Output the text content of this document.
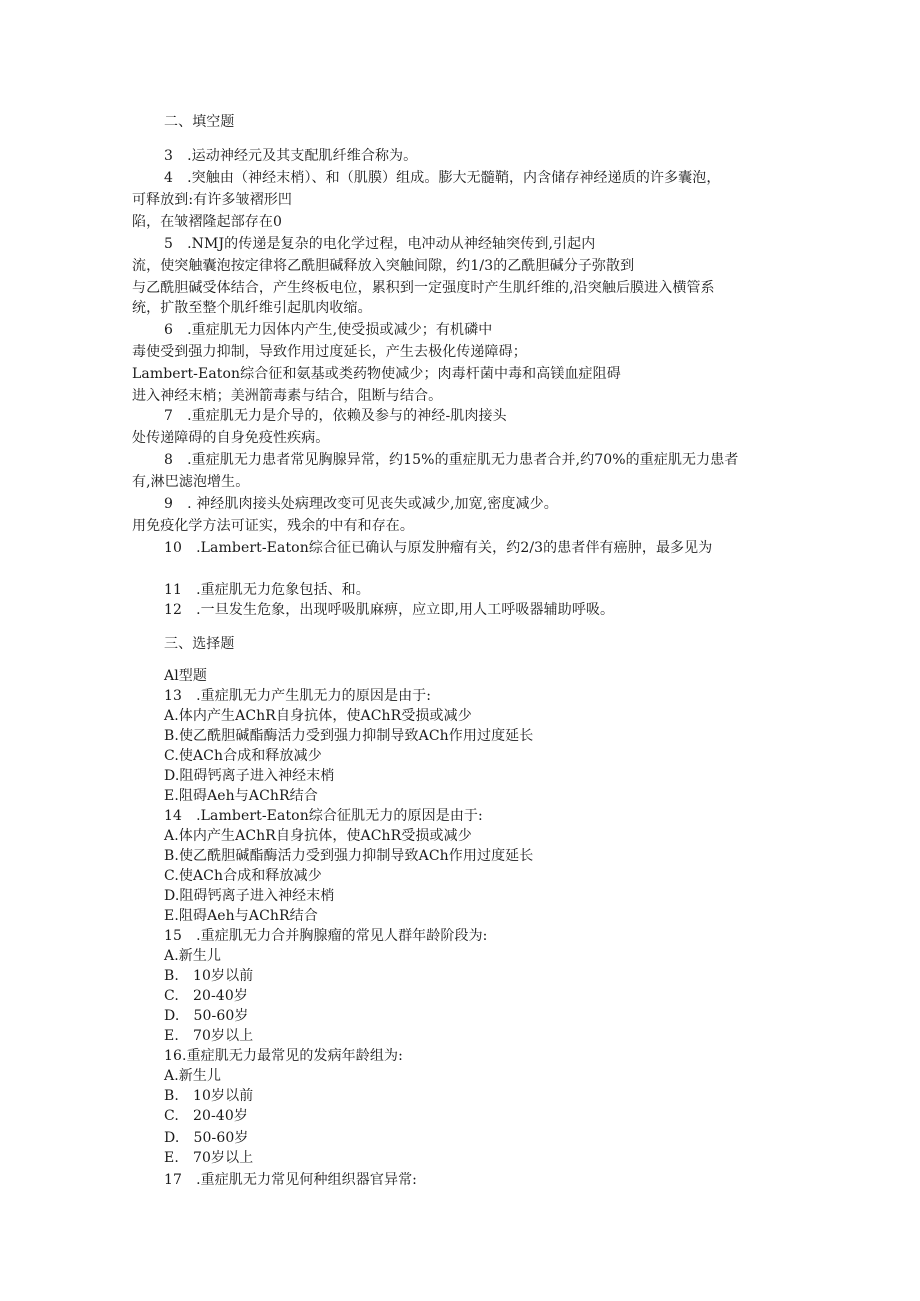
二、填空题
3　.运动神经元及其支配肌纤维合称为。
4　.突触由（神经末梢）、和（肌膜）组成。膨大无髓鞘，内含储存神经递质的许多囊泡，
可释放到:有许多皱褶形凹
陷，在皱褶隆起部存在0
5　.NMJ的传递是复杂的电化学过程，电冲动从神经轴突传到,引起内
流，使突触囊泡按定律将乙酰胆碱释放入突触间隙，约1/3的乙酰胆碱分子弥散到
与乙酰胆碱受体结合，产生终板电位，累积到一定强度时产生肌纤维的,沿突触后膜进入横管系
统，扩散至整个肌纤维引起肌肉收缩。
6　.重症肌无力因体内产生,使受损或减少；有机磷中
毒使受到强力抑制，导致作用过度延长，产生去极化传递障碍；
Lambert-Eaton综合征和氨基或类药物使减少；肉毒杆菌中毒和高镁血症阻碍
进入神经末梢；美洲箭毒素与结合，阻断与结合。
7　.重症肌无力是介导的，依赖及参与的神经-肌肉接头
处传递障碍的自身免疫性疾病。
8　.重症肌无力患者常见胸腺异常，约15%的重症肌无力患者合并,约70%的重症肌无力患者
有,淋巴滤泡增生。
9　. 神经肌肉接头处病理改变可见丧失或减少,加宽,密度减少。
用免疫化学方法可证实，残余的中有和存在。
10　.Lambert-Eaton综合征已确认与原发肿瘤有关，约2/3的患者伴有癌肿，最多见为
11　.重症肌无力危象包括、和。
12　.一旦发生危象，出现呼吸肌麻痹，应立即,用人工呼吸器辅助呼吸。
三、选择题
Al型题
13　.重症肌无力产生肌无力的原因是由于:
A.体内产生AChR自身抗体，使AChR受损或减少
B.使乙酰胆碱酯酶活力受到强力抑制导致ACh作用过度延长
C.使ACh合成和释放减少
D.阻碍钙离子进入神经末梢
E.阻碍Aeh与AChR结合
14　.Lambert-Eaton综合征肌无力的原因是由于:
A.体内产生AChR自身抗体，使AChR受损或减少
B.使乙酰胆碱酯酶活力受到强力抑制导致ACh作用过度延长
C.使ACh合成和释放减少
D.阻碍钙离子进入神经末梢
E.阻碍Aeh与AChR结合
15　.重症肌无力合并胸腺瘤的常见人群年龄阶段为:
A.新生儿
B.　10岁以前
C.　20-40岁
D.　50-60岁
E.　70岁以上
16.重症肌无力最常见的发病年龄组为:
A.新生儿
B.　10岁以前
C.　20-40岁
D.　50-60岁
E.　70岁以上
17　.重症肌无力常见何种组织器官异常:
